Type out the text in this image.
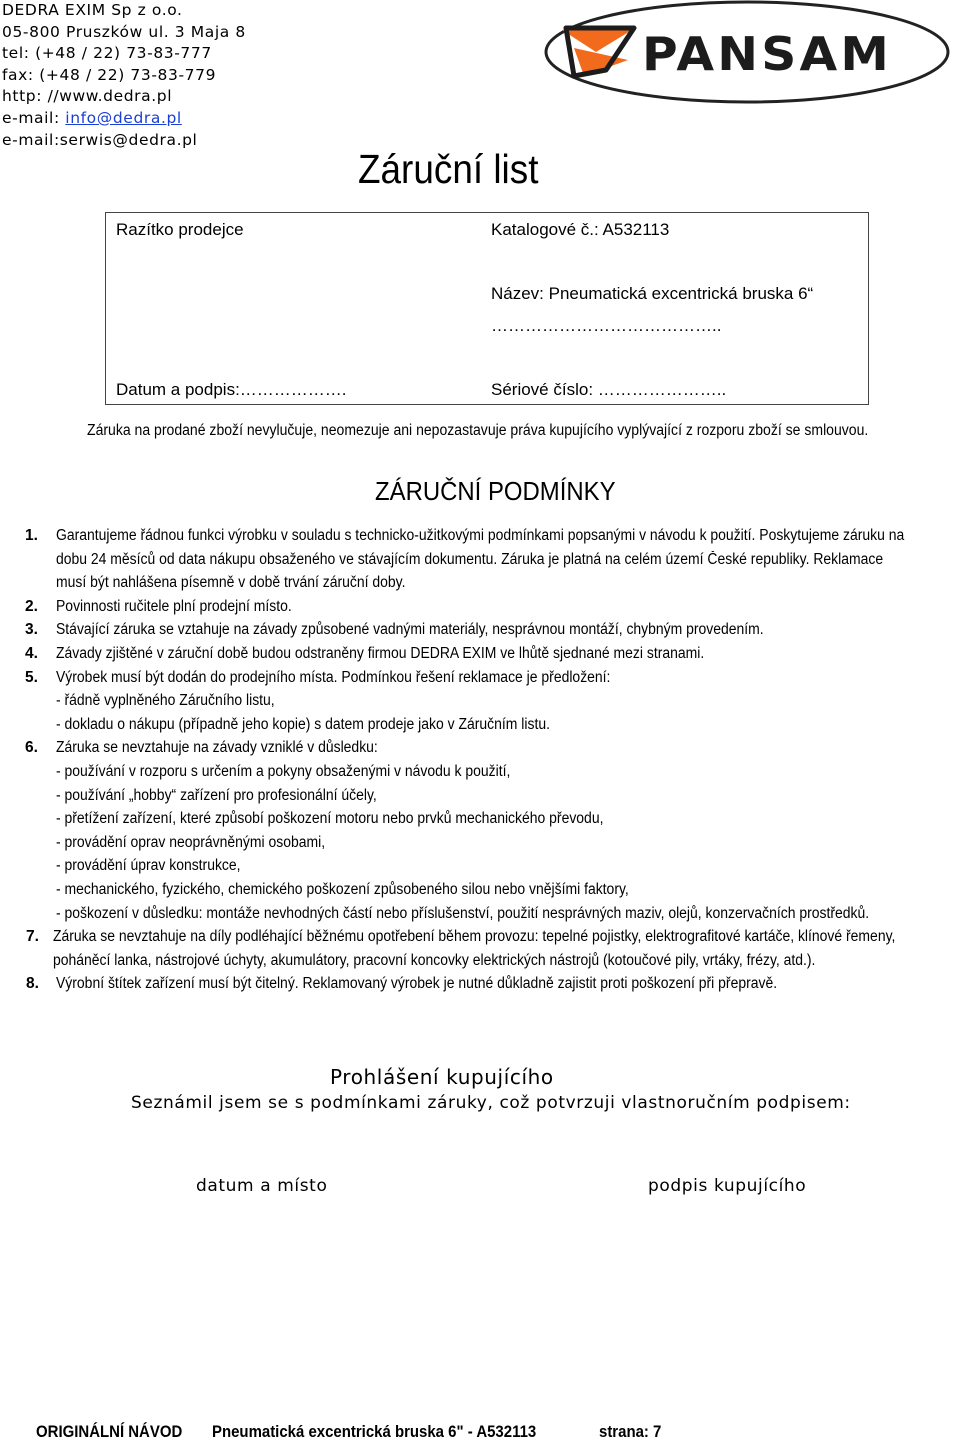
DEDRA EXIM Sp z o.o.
05-800 Pruszków ul. 3 Maja 8
tel: (+48 / 22) 73-83-777
fax: (+48 / 22) 73-83-779
http: //www.dedra.pl
e-mail: info@dedra.pl
e-mail:serwis@dedra.pl
PANSAM
Záruční list
Razítko prodejce	Katalogové č.: A532113
Název: Pneumatická excentrická bruska 6“
…………………………………..
Datum a podpis:……………….	Sériové číslo: …………………..
Záruka na prodané zboží nevylučuje, neomezuje ani nepozastavuje práva kupujícího vyplývající z rozporu zboží se smlouvou.
ZÁRUČNÍ PODMÍNKY
1. Garantujeme řádnou funkci výrobku v souladu s technicko-užitkovými podmínkami popsanými v návodu k použití. Poskytujeme záruku na
dobu 24 měsíců od data nákupu obsaženého ve stávajícím dokumentu. Záruka je platná na celém území České republiky. Reklamace
musí být nahlášena písemně v době trvání záruční doby.
2. Povinnosti ručitele plní prodejní místo.
3. Stávající záruka se vztahuje na závady způsobené vadnými materiály, nesprávnou montáží, chybným provedením.
4. Závady zjištěné v záruční době budou odstraněny firmou DEDRA EXIM ve lhůtě sjednané mezi stranami.
5. Výrobek musí být dodán do prodejního místa. Podmínkou řešení reklamace je předložení:
- řádně vyplněného Záručního listu,
- dokladu o nákupu (případně jeho kopie) s datem prodeje jako v Záručním listu.
6. Záruka se nevztahuje na závady vzniklé v důsledku:
- používání v rozporu s určením a pokyny obsaženými v návodu k použití,
- používání „hobby“ zařízení pro profesionální účely,
- přetížení zařízení, které způsobí poškození motoru nebo prvků mechanického převodu,
- provádění oprav neoprávněnými osobami,
- provádění úprav konstrukce,
- mechanického, fyzického, chemického poškození způsobeného silou nebo vnějšími faktory,
- poškození v důsledku: montáže nevhodných částí nebo příslušenství, použití nesprávných maziv, olejů, konzervačních prostředků.
7. Záruka se nevztahuje na díly podléhající běžnému opotřebení během provozu: tepelné pojistky, elektrografitové kartáče, klínové řemeny,
poháněcí lanka, nástrojové úchyty, akumulátory, pracovní koncovky elektrických nástrojů (kotoučové pily, vrtáky, frézy, atd.).
8. Výrobní štítek zařízení musí být čitelný. Reklamovaný výrobek je nutné důkladně zajistit proti poškození při přepravě.
Prohlášení kupujícího
Seznámil jsem se s podmínkami záruky, což potvrzuji vlastnoručním podpisem:
datum a místo	podpis kupujícího
ORIGINÁLNÍ NÁVOD Pneumatická excentrická bruska 6" - A532113	strana: 7
